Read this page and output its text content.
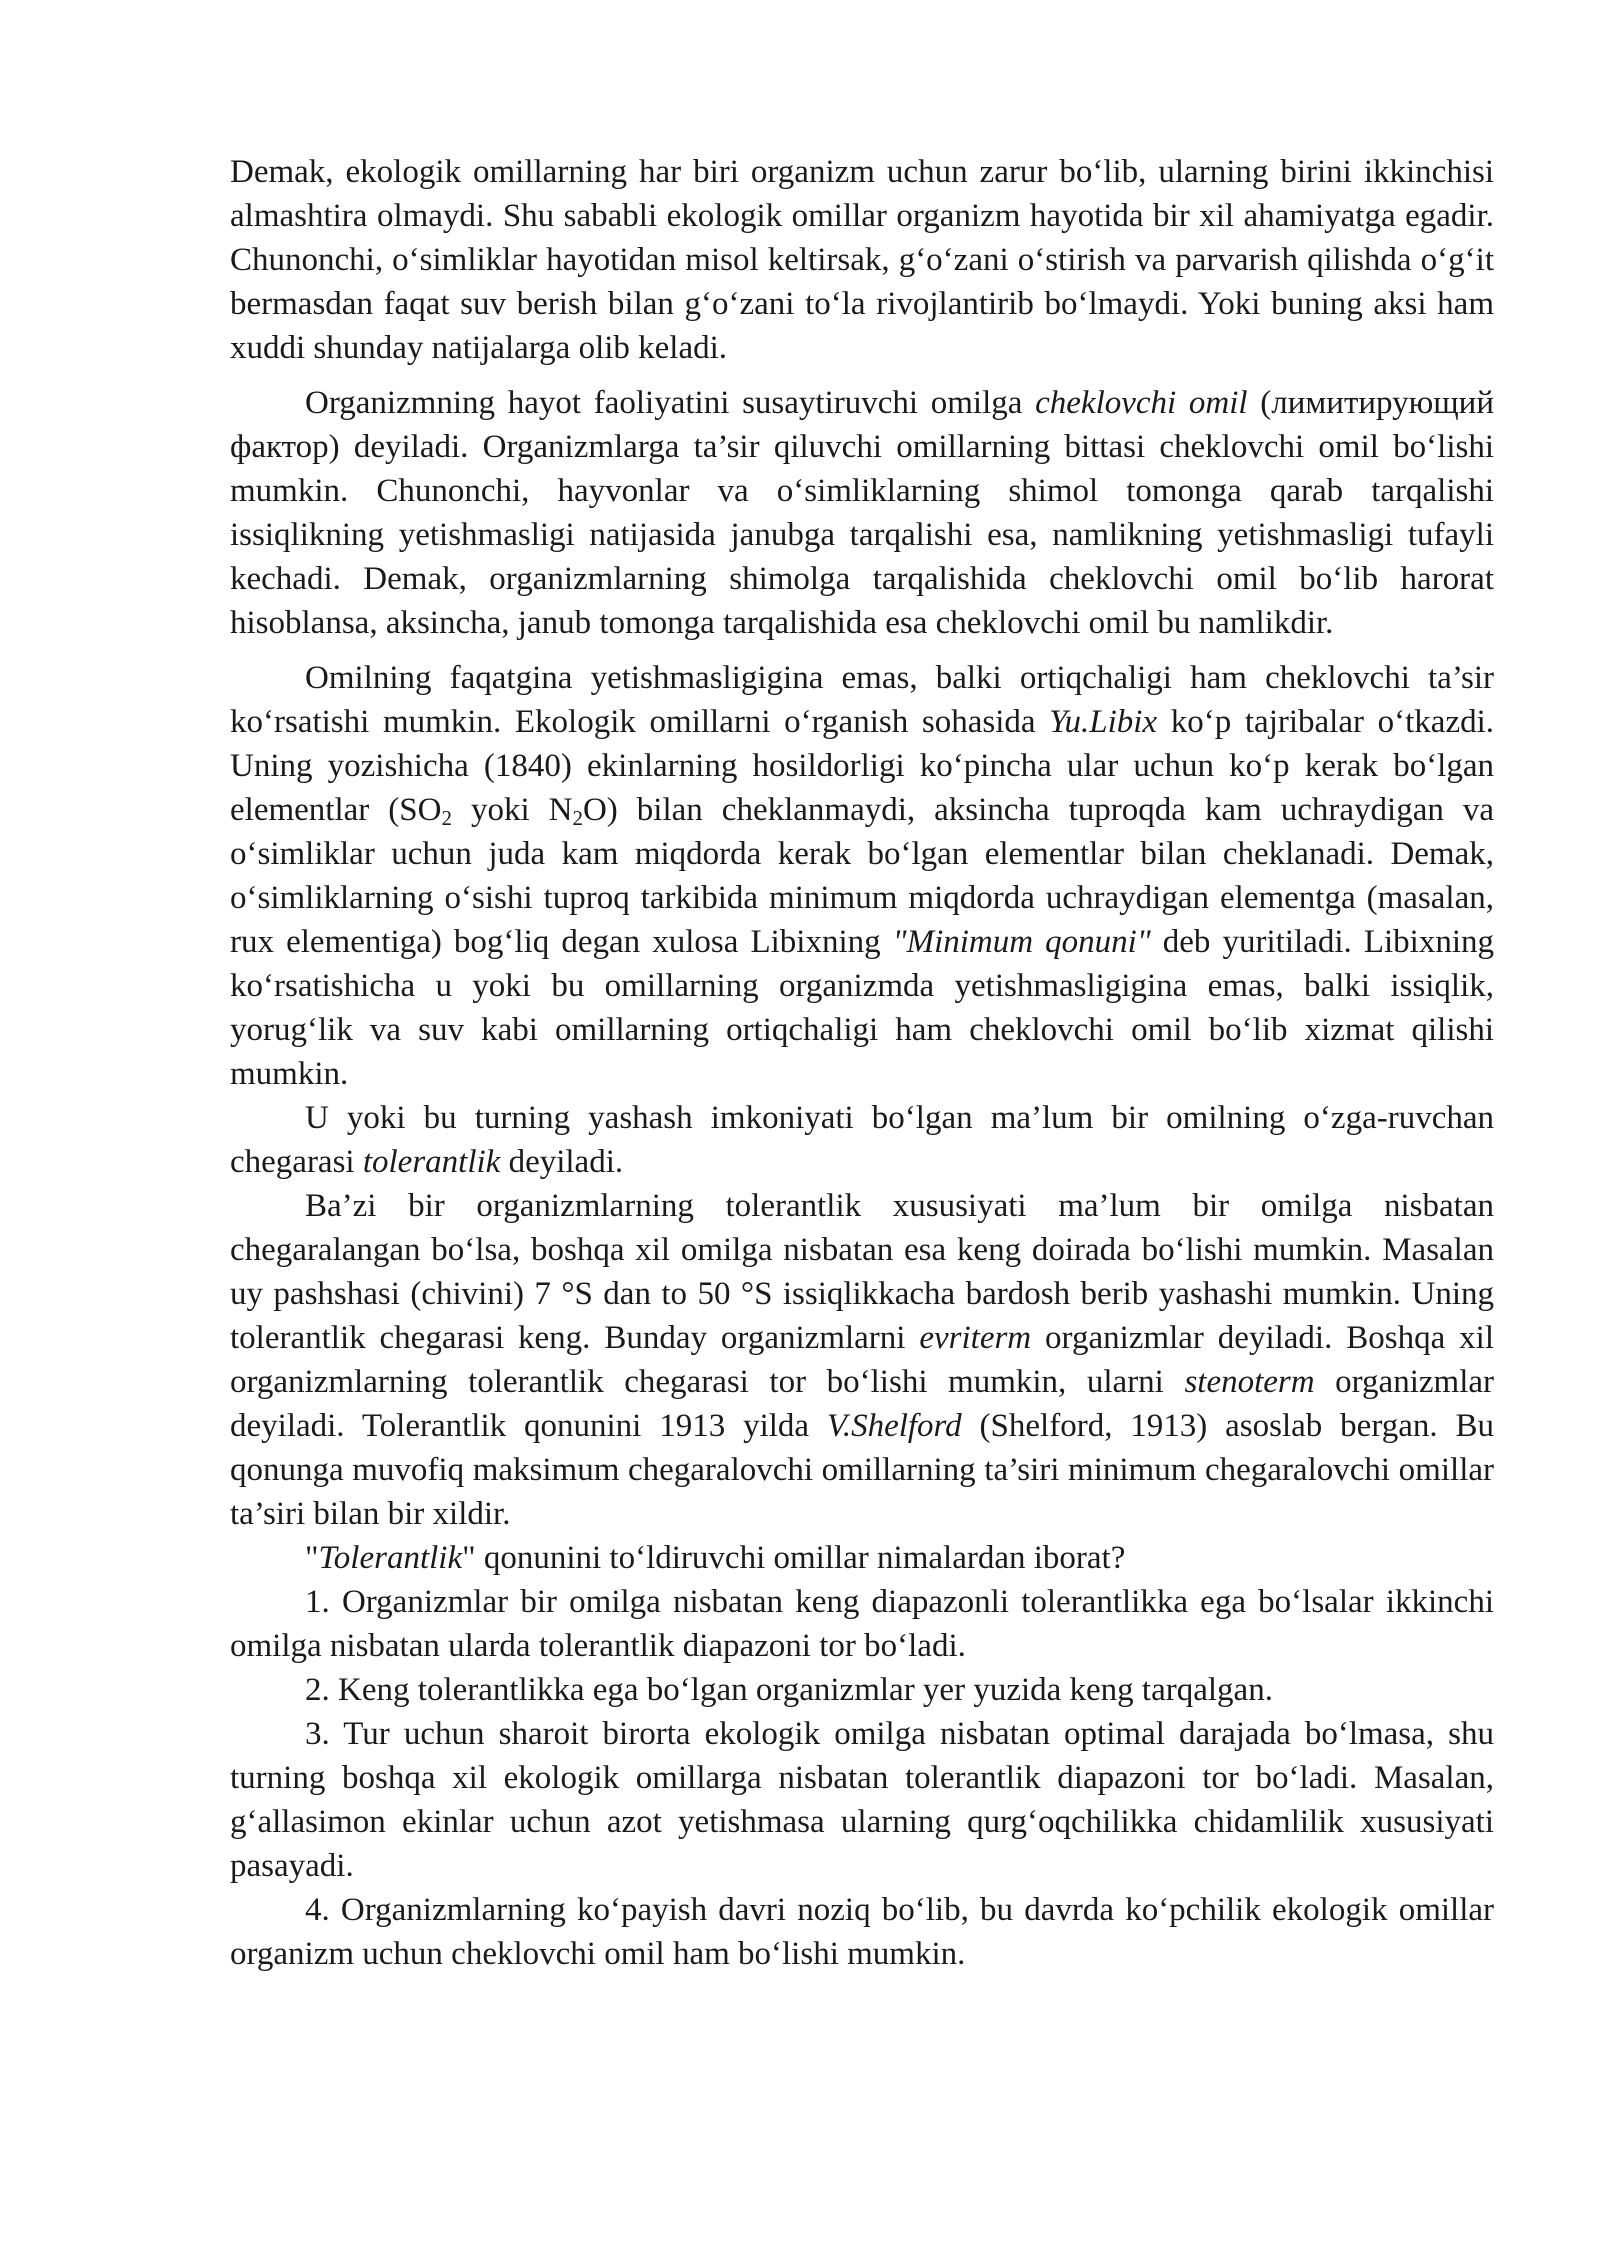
Demak, ekologik omillarning har biri organizm uchun zarur bo‘lib, ularning birini ikkinchisi almashtira olmaydi. Shu sababli ekologik omillar organizm hayotida bir xil ahamiyatga egadir. Chunonchi, o‘simliklar hayotidan misol keltirsak, g‘o‘zani o‘stirish va parvarish qilishda o‘g‘it bermasdan faqat suv berish bilan g‘o‘zani to‘la rivojlantirib bo‘lmaydi. Yoki buning aksi ham xuddi shunday natijalarga olib keladi.

Organizmning hayot faoliyatini susaytiruvchi omilga cheklovchi omil (лимитирующий фактор) deyiladi. Organizmlarga ta’sir qiluvchi omillarning bittasi cheklovchi omil bo‘lishi mumkin. Chunonchi, hayvonlar va o‘simliklarning shimol tomonga qarab tarqalishi issiqlikning yetishmasligi natijasida janubga tarqalishi esa, namlikning yetishmasligi tufayli kechadi. Demak, organizmlarning shimolga tarqalishida cheklovchi omil bo‘lib harorat hisoblansa, aksincha, janub tomonga tarqalishida esa cheklovchi omil bu namlikdir.

Omilning faqatgina yetishmasligigina emas, balki ortiqchaligi ham cheklovchi ta’sir ko‘rsatishi mumkin. Ekologik omillarni o‘rganish sohasida Yu.Libix ko‘p tajribalar o‘tkazdi. Uning yozishicha (1840) ekinlarning hosildorligi ko‘pincha ular uchun ko‘p kerak bo‘lgan elementlar ($SO_2$ yoki $N_2O$) bilan cheklanmaydi, aksincha tuproqda kam uchraydigan va o‘simliklar uchun juda kam miqdorda kerak bo‘lgan elementlar bilan cheklanadi. Demak, o‘simliklarning o‘sishi tuproq tarkibida minimum miqdorda uchraydigan elementga (masalan, rux elementiga) bog‘liq degan xulosa Libixning "Minimum qonuni" deb yuritiladi. Libixning ko‘rsatishicha u yoki bu omillarning organizmda yetishmasligigina emas, balki issiqlik, yorug‘lik va suv kabi omillarning ortiqchaligi ham cheklovchi omil bo‘lib xizmat qilishi mumkin.

U yoki bu turning yashash imkoniyati bo‘lgan ma’lum bir omilning o‘zga-ruvchan chegarasi tolerantlik deyiladi.

Ba’zi bir organizmlarning tolerantlik xususiyati ma’lum bir omilga nisbatan chegaralangan bo‘lsa, boshqa xil omilga nisbatan esa keng doirada bo‘lishi mumkin. Masalan uy pashshasi (chivini) 7 °S dan to 50 °S issiqlikkacha bardosh berib yashashi mumkin. Uning tolerantlik chegarasi keng. Bunday organizmlarni evriterm organizmlar deyiladi. Boshqa xil organizmlarning tolerantlik chegarasi tor bo‘lishi mumkin, ularni stenoterm organizmlar deyiladi. Tolerantlik qonunini 1913 yilda V.Shelford (Shelford, 1913) asoslab bergan. Bu qonunga muvofiq maksimum chegaralovchi omillarning ta’siri minimum chegaralovchi omillar ta’siri bilan bir xildir.

"Tolerantlik" qonunini to‘ldiruvchi omillar nimalardan iborat?

1. Organizmlar bir omilga nisbatan keng diapazonli tolerantlikka ega bo‘lsalar ikkinchi omilga nisbatan ularda tolerantlik diapazoni tor bo‘ladi.

2. Keng tolerantlikka ega bo‘lgan organizmlar yer yuzida keng tarqalgan.

3. Tur uchun sharoit birorta ekologik omilga nisbatan optimal darajada bo‘lmasa, shu turning boshqa xil ekologik omillarga nisbatan tolerantlik diapazoni tor bo‘ladi. Masalan, g‘allasimon ekinlar uchun azot yetishmasa ularning qurg‘oqchilikka chidamlilik xususiyati pasayadi.

4. Organizmlarning ko‘payish davri noziq bo‘lib, bu davrda ko‘pchilik ekologik omillar organizm uchun cheklovchi omil ham bo‘lishi mumkin.
